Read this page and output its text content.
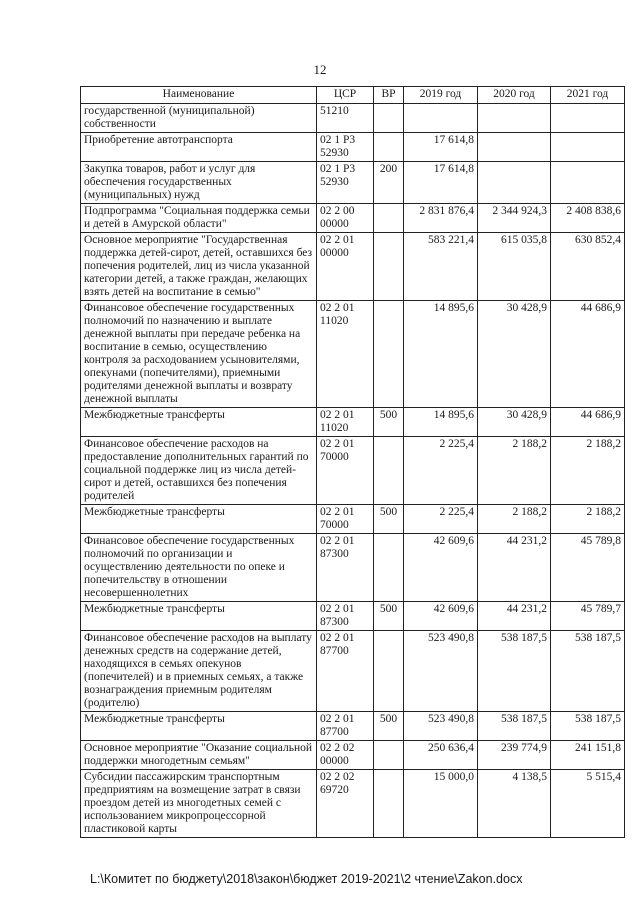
12
Наименование	ЦСР	ВР	2019 год	2020 год	2021 год
государственной (муниципальной) собственности	51210				
Приобретение автотранспорта	02 1 Р3 52930		17 614,8		
Закупка товаров, работ и услуг для обеспечения государственных (муниципальных) нужд	02 1 Р3 52930	200	17 614,8		
Подпрограмма "Социальная поддержка семьи и детей в Амурской области"	02 2 00 00000		2 831 876,4	2 344 924,3	2 408 838,6
Основное мероприятие "Государственная поддержка детей-сирот, детей, оставшихся без попечения родителей, лиц из числа указанной категории детей, а также граждан, желающих взять детей на воспитание в семью"	02 2 01 00000		583 221,4	615 035,8	630 852,4
Финансовое обеспечение государственных полномочий по назначению и выплате денежной выплаты при передаче ребенка на воспитание в семью, осуществлению контроля за расходованием усыновителями, опекунами (попечителями), приемными родителями денежной выплаты и возврату денежной выплаты	02 2 01 11020		14 895,6	30 428,9	44 686,9
Межбюджетные трансферты	02 2 01 11020	500	14 895,6	30 428,9	44 686,9
Финансовое обеспечение расходов на предоставление дополнительных гарантий по социальной поддержке лиц из числа детей-сирот и детей, оставшихся без попечения родителей	02 2 01 70000		2 225,4	2 188,2	2 188,2
Межбюджетные трансферты	02 2 01 70000	500	2 225,4	2 188,2	2 188,2
Финансовое обеспечение государственных полномочий по организации и осуществлению деятельности по опеке и попечительству в отношении несовершеннолетних	02 2 01 87300		42 609,6	44 231,2	45 789,8
Межбюджетные трансферты	02 2 01 87300	500	42 609,6	44 231,2	45 789,7
Финансовое обеспечение расходов на выплату денежных средств на содержание детей, находящихся в семьях опекунов (попечителей) и в приемных семьях, а также вознаграждения приемным родителям (родителю)	02 2 01 87700		523 490,8	538 187,5	538 187,5
Межбюджетные трансферты	02 2 01 87700	500	523 490,8	538 187,5	538 187,5
Основное мероприятие "Оказание социальной поддержки многодетным семьям"	02 2 02 00000		250 636,4	239 774,9	241 151,8
Субсидии пассажирским транспортным предприятиям на возмещение затрат в связи проездом детей из многодетных семей с использованием микропроцессорной пластиковой карты	02 2 02 69720		15 000,0	4 138,5	5 515,4
L:\Комитет по бюджету\2018\закон\бюджет 2019-2021\2 чтение\Zakon.docx
